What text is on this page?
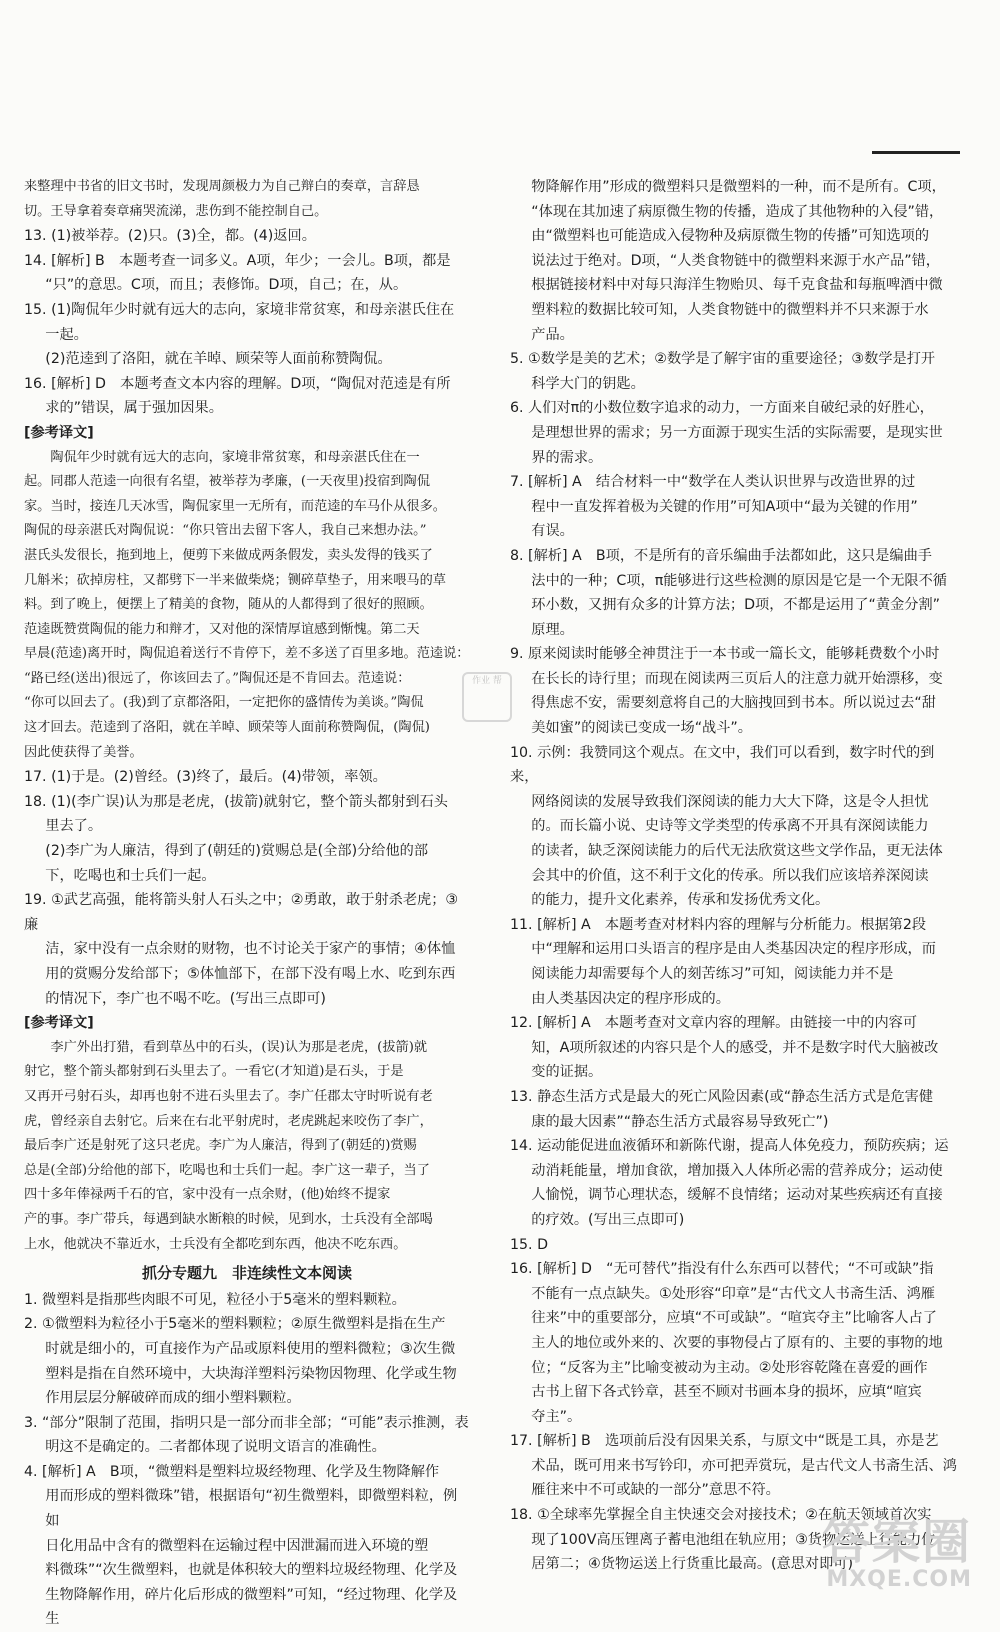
来整理中书省的旧文书时，发现周颜极力为自己辩白的奏章，言辞恳

切。王导拿着奏章痛哭流涕，悲伤到不能控制自己。

13. (1)被举荐。(2)只。(3)全，都。(4)返回。

14. [解析] B　本题考查一词多义。A项，年少；一会儿。B项，都是

“只”的意思。C项，而且；表修饰。D项，自己；在，从。

15. (1)陶侃年少时就有远大的志向，家境非常贫寒，和母亲湛氏住在

一起。

(2)范逵到了洛阳，就在羊晫、顾荣等人面前称赞陶侃。

16. [解析] D　本题考查文本内容的理解。D项，“陶侃对范逵是有所

求的”错误，属于强加因果。

[参考译文]

陶侃年少时就有远大的志向，家境非常贫寒，和母亲湛氏住在一

起。同郡人范逵一向很有名望，被举荐为孝廉，(一天夜里)投宿到陶侃

家。当时，接连几天冰雪，陶侃家里一无所有，而范逵的车马仆从很多。

陶侃的母亲湛氏对陶侃说：“你只管出去留下客人，我自己来想办法。”

湛氏头发很长，拖到地上，便剪下来做成两条假发，卖头发得的钱买了

几斛米；砍掉房柱，又都劈下一半来做柴烧；铡碎草垫子，用来喂马的草

料。到了晚上，便摆上了精美的食物，随从的人都得到了很好的照顾。

范逵既赞赏陶侃的能力和辩才，又对他的深情厚谊感到惭愧。第二天

早晨(范逵)离开时，陶侃追着送行不肯停下，差不多送了百里多地。范逵说：

“路已经(送出)很远了，你该回去了。”陶侃还是不肯回去。范逵说：

“你可以回去了。(我)到了京都洛阳，一定把你的盛情传为美谈。”陶侃

这才回去。范逵到了洛阳，就在羊晫、顾荣等人面前称赞陶侃，(陶侃)

因此使获得了美誉。

17. (1)于是。(2)曾经。(3)终了，最后。(4)带领，率领。

18. (1)(李广误)认为那是老虎，(拔箭)就射它，整个箭头都射到石头

里去了。

(2)李广为人廉洁，得到了(朝廷的)赏赐总是(全部)分给他的部

下，吃喝也和士兵们一起。

19. ①武艺高强，能将箭头射人石头之中；②勇敢，敢于射杀老虎；③廉

洁，家中没有一点余财的财物，也不讨论关于家产的事情；④体恤

用的赏赐分发给部下；⑤体恤部下，在部下没有喝上水、吃到东西

的情况下，李广也不喝不吃。(写出三点即可)

[参考译文]

李广外出打猎，看到草丛中的石头，(误)认为那是老虎，(拔箭)就

射它，整个箭头都射到石头里去了。一看它(才知道)是石头，于是

又再开弓射石头，却再也射不进石头里去了。李广任郡太守时听说有老

虎，曾经亲自去射它。后来在右北平射虎时，老虎跳起来咬伤了李广，

最后李广还是射死了这只老虎。李广为人廉洁，得到了(朝廷的)赏赐

总是(全部)分给他的部下，吃喝也和士兵们一起。李广这一辈子，当了

四十多年俸禄两千石的官，家中没有一点余财，(他)始终不提家

产的事。李广带兵，每遇到缺水断粮的时候，见到水，士兵没有全部喝

上水，他就决不靠近水，士兵没有全都吃到东西，他决不吃东西。

抓分专题九　非连续性文本阅读

1. 微塑料是指那些肉眼不可见，粒径小于5毫米的塑料颗粒。

2. ①微塑料为粒径小于5毫米的塑料颗粒；②原生微塑料是指在生产

时就是细小的，可直接作为产品或原料使用的塑料微粒；③次生微

塑料是指在自然环境中，大块海洋塑料污染物因物理、化学或生物

作用层层分解破碎而成的细小塑料颗粒。

3. “部分”限制了范围，指明只是一部分而非全部；“可能”表示推测，表

明这不是确定的。二者都体现了说明文语言的准确性。

4. [解析] A　B项，“微塑料是塑料垃圾经物理、化学及生物降解作

用而形成的塑料微珠”错，根据语句“初生微塑料，即微塑料粒，例如

日化用品中含有的微塑料在运输过程中因泄漏而进入环境的塑

料微珠”“次生微塑料，也就是体积较大的塑料垃圾经物理、化学及

生物降解作用，碎片化后形成的微塑料”可知，“经过物理、化学及生

物降解作用”形成的微塑料只是微塑料的一种，而不是所有。C项，

“体现在其加速了病原微生物的传播，造成了其他物种的入侵”错，

由“微塑料也可能造成入侵物种及病原微生物的传播”可知选项的

说法过于绝对。D项，“人类食物链中的微塑料来源于水产品”错，

根据链接材料中对每只海洋生物贻贝、每千克食盐和每瓶啤酒中微

塑料粒的数据比较可知，人类食物链中的微塑料并不只来源于水

产品。

5. ①数学是美的艺术；②数学是了解宇宙的重要途径；③数学是打开

科学大门的钥匙。

6. 人们对π的小数位数字追求的动力，一方面来自破纪录的好胜心，

是理想世界的需求；另一方面源于现实生活的实际需要，是现实世

界的需求。

7. [解析] A　结合材料一中“数学在人类认识世界与改造世界的过

程中一直发挥着极为关键的作用”可知A项中“最为关键的作用”

有误。

8. [解析] A　B项，不是所有的音乐编曲手法都如此，这只是编曲手

法中的一种；C项，π能够进行这些检测的原因是它是一个无限不循

环小数，又拥有众多的计算方法；D项，不都是运用了“黄金分割”

原理。

9. 原来阅读时能够全神贯注于一本书或一篇长文，能够耗费数个小时

在长长的诗行里；而现在阅读两三页后人的注意力就开始漂移，变

得焦虑不安，需要刻意将自己的大脑拽回到书本。所以说过去“甜

美如蜜”的阅读已变成一场“战斗”。

10. 示例：我赞同这个观点。在文中，我们可以看到，数字时代的到来，

网络阅读的发展导致我们深阅读的能力大大下降，这是令人担忧

的。而长篇小说、史诗等文学类型的传承离不开具有深阅读能力

的读者，缺乏深阅读能力的后代无法欣赏这些文学作品，更无法体

会其中的价值，这不利于文化的传承。所以我们应该培养深阅读

的能力，提升文化素养，传承和发扬优秀文化。

11. [解析] A　本题考查对材料内容的理解与分析能力。根据第2段

中“理解和运用口头语言的程序是由人类基因决定的程序形成，而

阅读能力却需要每个人的刻苦练习”可知，阅读能力并不是

由人类基因决定的程序形成的。

12. [解析] A　本题考查对文章内容的理解。由链接一中的内容可

知，A项所叙述的内容只是个人的感受，并不是数字时代大脑被改

变的证据。

13. 静态生活方式是最大的死亡风险因素(或“静态生活方式是危害健

康的最大因素”“静态生活方式最容易导致死亡”)

14. 运动能促进血液循环和新陈代谢，提高人体免疫力，预防疾病；运

动消耗能量，增加食欲，增加摄入人体所必需的营养成分；运动使

人愉悦，调节心理状态，缓解不良情绪；运动对某些疾病还有直接

的疗效。(写出三点即可)

15. D

16. [解析] D　“无可替代”指没有什么东西可以替代；“不可或缺”指

不能有一点点缺失。①处形容“印章”是“古代文人书斋生活、鸿雁

往来”中的重要部分，应填“不可或缺”。“喧宾夺主”比喻客人占了

主人的地位或外来的、次要的事物侵占了原有的、主要的事物的地

位；“反客为主”比喻变被动为主动。②处形容乾隆在喜爱的画作

古书上留下各式钤章，甚至不顾对书画本身的损坏，应填“喧宾

夺主”。

17. [解析] B　选项前后没有因果关系，与原文中“既是工具，亦是艺

术品，既可用来书写钤印，亦可把弄赏玩，是古代文人书斋生活、鸿

雁往来中不可或缺的一部分”意思不符。

18. ①全球率先掌握全自主快速交会对接技术；②在航天领域首次实

现了100V高压锂离子蓄电池组在轨应用；③货物运送上行能力位

居第二；④货物运送上行货重比最高。(意思对即可)

作业 帮
答案圈
MXQE.COM
